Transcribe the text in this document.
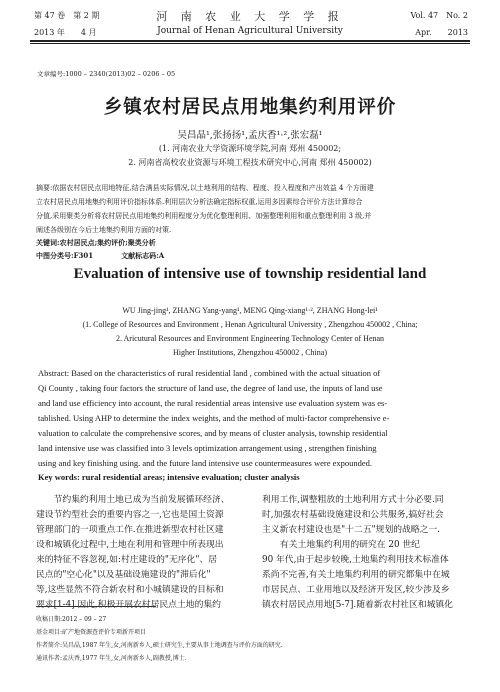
第 47 卷　第 2 期
2013 年　　4 月
河 南 农 业 大 学 学 报
Journal of Henan Agricultural University
Vol. 47　No. 2
Apr.　　2013
文章编号:1000 – 2340(2013)02 – 0206 – 05
乡镇农村居民点用地集约利用评价
吴昌晶¹,张扬扬¹,孟庆香¹·²,张宏磊¹
(1. 河南农业大学资源环境学院,河南 郑州 450002;
2. 河南省高校农业资源与环境工程技术研究中心,河南 郑州 450002)
摘要:依据农村居民点用地特征,结合满县实际情况,以土地利用的结构、程度、投入程度和产出效益 4 个方面建
立农村居民点用地集约利用评价指标体系.利用层次分析法确定指标权重,运用多因素综合评价方法计算综合
分值,采用聚类分析将农村居民点用地集约利用程度分为优化整理利用、加强整理利用和重点整理利用 3 级,并
阐述各级别在今后土地集约利用方面的对策.
关键词:农村居民点;集约评价;聚类分析
中图分类号:F301　　　　文献标志码:A
Evaluation of intensive use of township residential land
WU Jing-jing¹, ZHANG Yang-yang¹, MENG Qing-xiang¹·², ZHANG Hong-lei¹
(1. College of Resources and Environment , Henan Agricultural University , Zhengzhou 450002 , China;
2. Aricutural Resources and Environment Engineering Technology Center of Henan
Higher Institutions, Zhengzhou 450002 , China)
Abstract: Based on the characteristics of rural residential land , combined with the actual situation of
Qi County , taking four factors the structure of land use, the degree of land use, the inputs of land use
and land use efficiency into account, the rural residential areas intensive use evaluation system was es-
tablished. Using AHP to determine the index weights, and the method of multi-factor comprehensive e-
valuation to calculate the comprehensive scores, and by means of cluster analysis, township residential
land intensive use was classified into 3 levels optimization arrangement using , strengthen finishing
using and key finishing using. and the future land intensive use countermeasures were expounded.
Key words: rural residential areas; intensive evaluation; cluster analysis
　　节约集约利用土地已成为当前发展循环经济、
建设节约型社会的重要内容之一,它也是国土资源
管理部门的一项重点工作.在推进新型农村社区建
设和城镇化过程中,土地在利用和管理中所表现出
来的特征不容忽视,如:村庄建设的"无序化"、居
民点的"空心化"以及基础设施建设的"滞后化"
等,这些显然不符合新农村和小城镇建设的目标和
要求[1-4].因此,积极开展农村居民点土地的集约
利用工作,调整粗放的土地利用方式十分必要.同
时,加强农村基础设施建设和公共服务,搞好社会
主义新农村建设也是"十二五"规划的战略之一.
有关土地集约利用的研究在 20 世纪
90 年代,由于起步较晚,土地集约利用技术标准体
系尚不完善,有关土地集约利用的研究都集中在城
市居民点、工业用地以及经济开发区,较少涉及乡
镇农村居民点用地[5-7].随着新农村社区和城镇化
收稿日期:2012 – 09 – 27
基金项目:矿产地资源查评价专项新开项目
作者简介:吴昌晶,1987 年生,女,河南新乡人,硕士研究生,主要从事土地调查与评价方面的研究.
通讯作者:孟庆香,1977 年生,女,河南新乡人,副教授,博士.
